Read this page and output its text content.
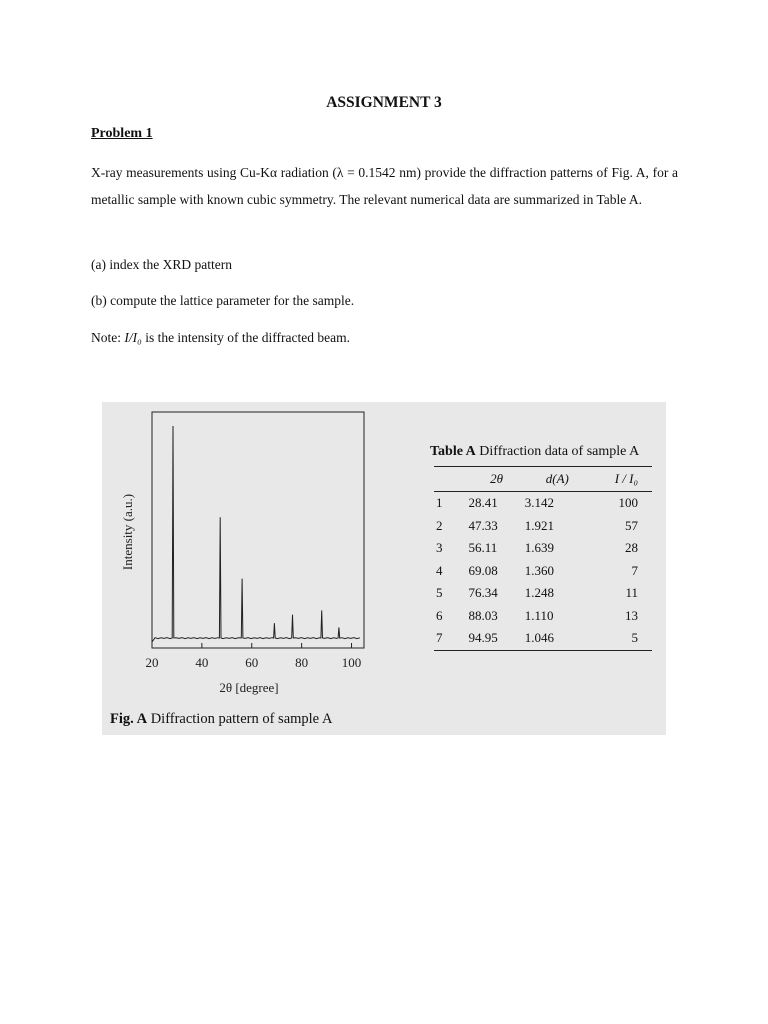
ASSIGNMENT 3
Problem 1
X-ray measurements using Cu-Kα radiation (λ = 0.1542 nm) provide the diffraction patterns of Fig. A, for a metallic sample with known cubic symmetry. The relevant numerical data are summarized in Table A.
(a) index the XRD pattern
(b) compute the lattice parameter for the sample.
Note: I/I₀ is the intensity of the diffracted beam.
20	40	60	80	100
Intensity (a.u.)
2θ [degree]
Table A Diffraction data of sample A
	2θ	d(A)	I / I₀
1	28.41	3.142	100
2	47.33	1.921	57
3	56.11	1.639	28
4	69.08	1.360	7
5	76.34	1.248	11
6	88.03	1.110	13
7	94.95	1.046	5
Fig. A Diffraction pattern of sample A
